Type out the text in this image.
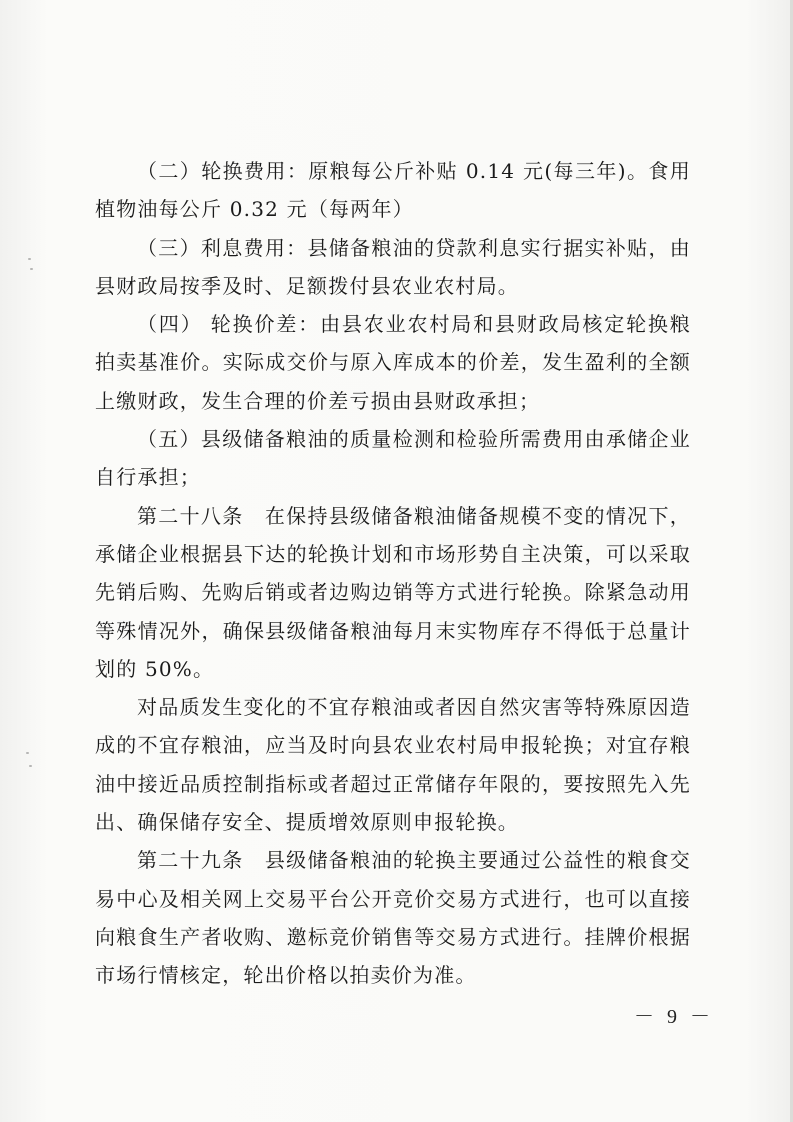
（二）轮换费用：原粮每公斤补贴 0.14 元(每三年)。食用植物油每公斤 0.32 元（每两年）

（三）利息费用：县储备粮油的贷款利息实行据实补贴，由县财政局按季及时、足额拨付县农业农村局。

（四） 轮换价差：由县农业农村局和县财政局核定轮换粮拍卖基准价。实际成交价与原入库成本的价差，发生盈利的全额上缴财政，发生合理的价差亏损由县财政承担；

（五）县级储备粮油的质量检测和检验所需费用由承储企业自行承担；

第二十八条　在保持县级储备粮油储备规模不变的情况下，承储企业根据县下达的轮换计划和市场形势自主决策，可以采取先销后购、先购后销或者边购边销等方式进行轮换。除紧急动用等殊情况外，确保县级储备粮油每月末实物库存不得低于总量计划的 50%。

对品质发生变化的不宜存粮油或者因自然灾害等特殊原因造成的不宜存粮油，应当及时向县农业农村局申报轮换；对宜存粮油中接近品质控制指标或者超过正常储存年限的，要按照先入先出、确保储存安全、提质增效原则申报轮换。

第二十九条　县级储备粮油的轮换主要通过公益性的粮食交易中心及相关网上交易平台公开竞价交易方式进行，也可以直接向粮食生产者收购、邀标竞价销售等交易方式进行。挂牌价根据市场行情核定，轮出价格以拍卖价为准。

－ 9 －
